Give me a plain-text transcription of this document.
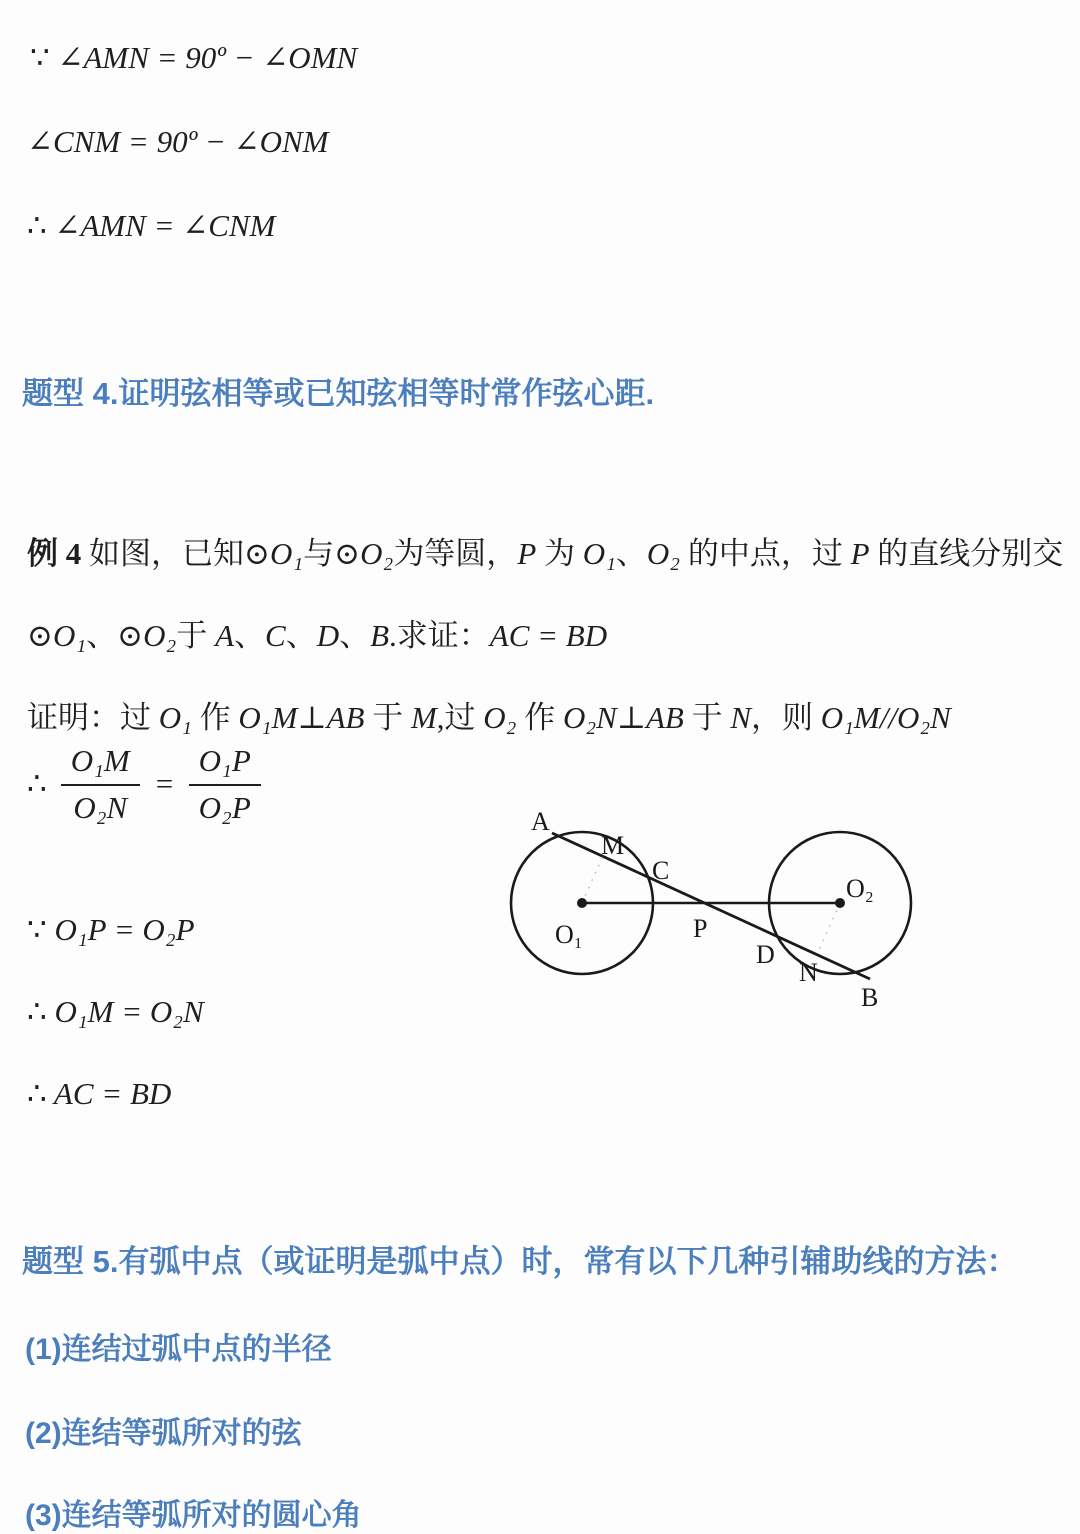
∵ ∠AMN = 90º − ∠OMN

∠CNM = 90º − ∠ONM

∴ ∠AMN = ∠CNM

题型 4.证明弦相等或已知弦相等时常作弦心距.

例 4 如图，已知⊙O₁与⊙O₂为等圆，P 为 O₁、O₂ 的中点，过 P 的直线分别交

⊙O₁、⊙O₂于 A、C、D、B.求证：AC = BD

证明：过 O₁ 作 O₁M⊥AB 于 M,过 O₂ 作 O₂N⊥AB 于 N，则 O₁M//O₂N

∴ $\frac{\text{O₁M}}{\text{O₂N}} = \frac{\text{O₁P}}{\text{O₂P}}$

∵ O₁P = O₂P

∴ O₁M = O₂N

∴ AC = BD

A
M
C
O₁	P
O₂
D
N
B
题型 5.有弧中点（或证明是弧中点）时，常有以下几种引辅助线的方法：

(1)连结过弧中点的半径

(2)连结等弧所对的弦

(3)连结等弧所对的圆心角
